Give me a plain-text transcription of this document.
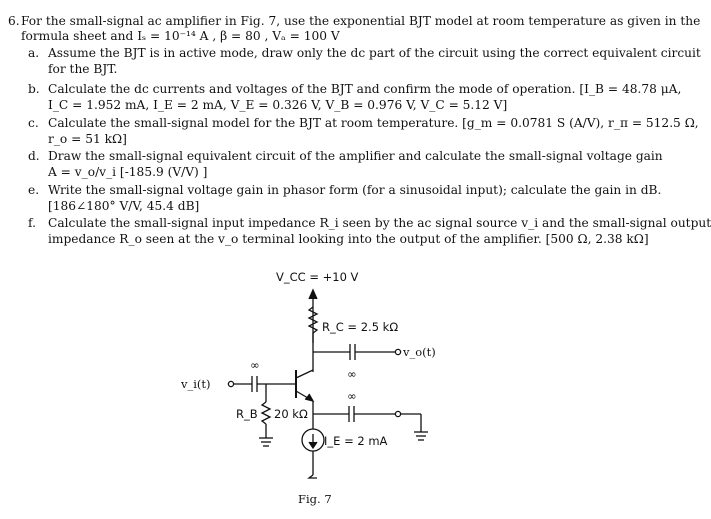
6. For the small-signal ac amplifier in Fig. 7, use the exponential BJT model at room temperature as given in the
formula sheet and Iₛ = 10⁻¹⁴ A , β = 80 , Vₐ = 100 V
a. Assume the BJT is in active mode, draw only the dc part of the circuit using the correct equivalent circuit
for the BJT.
b. Calculate the dc currents and voltages of the BJT and confirm the mode of operation. [I_B = 48.78 μA,
I_C = 1.952 mA, I_E = 2 mA, V_E = 0.326 V, V_B = 0.976 V, V_C = 5.12 V]
c. Calculate the small-signal model for the BJT at room temperature. [g_m = 0.0781 S (A/V), r_π = 512.5 Ω,
r_o = 51 kΩ]
d. Draw the small-signal equivalent circuit of the amplifier and calculate the small-signal voltage gain
A = v_o/v_i [-185.9 (V/V) ]
e. Write the small-signal voltage gain in phasor form (for a sinusoidal input); calculate the gain in dB.
[186∠180° V/V, 45.4 dB]
f. Calculate the small-signal input impedance R_i seen by the ac signal source v_i and the small-signal output
impedance R_o seen at the v_o terminal looking into the output of the amplifier. [500 Ω, 2.38 kΩ]
V_CC = +10 V
R_C = 2.5 kΩ
v_o(t)
v_i(t)
R_B 20 kΩ
I_E = 2 mA
∞
∞
∞
Fig. 7
